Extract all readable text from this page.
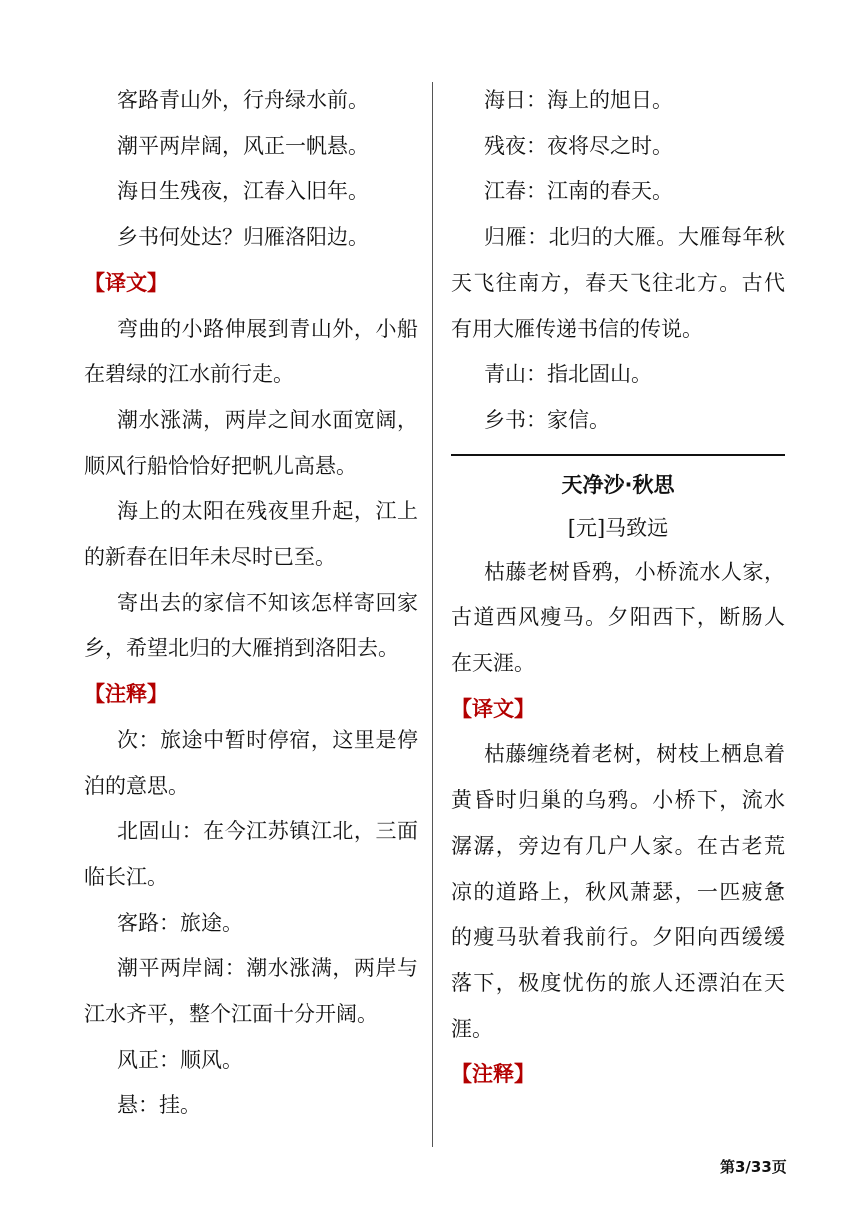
客路青山外，行舟绿水前。

潮平两岸阔，风正一帆悬。

海日生残夜，江春入旧年。

乡书何处达？归雁洛阳边。

【译文】

弯曲的小路伸展到青山外，小船在碧绿的江水前行走。

潮水涨满，两岸之间水面宽阔，顺风行船恰恰好把帆儿高悬。

海上的太阳在残夜里升起，江上的新春在旧年未尽时已至。

寄出去的家信不知该怎样寄回家乡，希望北归的大雁捎到洛阳去。

【注释】

次：旅途中暂时停宿，这里是停泊的意思。

北固山：在今江苏镇江北，三面临长江。

客路：旅途。

潮平两岸阔：潮水涨满，两岸与江水齐平，整个江面十分开阔。

风正：顺风。

悬：挂。

海日：海上的旭日。

残夜：夜将尽之时。

江春：江南的春天。

归雁：北归的大雁。大雁每年秋天飞往南方，春天飞往北方。古代有用大雁传递书信的传说。

青山：指北固山。

乡书：家信。

天净沙·秋思
[元]马致远

枯藤老树昏鸦，小桥流水人家，古道西风瘦马。夕阳西下，断肠人在天涯。

【译文】

枯藤缠绕着老树，树枝上栖息着黄昏时归巢的乌鸦。小桥下，流水潺潺，旁边有几户人家。在古老荒凉的道路上，秋风萧瑟，一匹疲惫的瘦马驮着我前行。夕阳向西缓缓落下，极度忧伤的旅人还漂泊在天涯。

【注释】
第3/33页
